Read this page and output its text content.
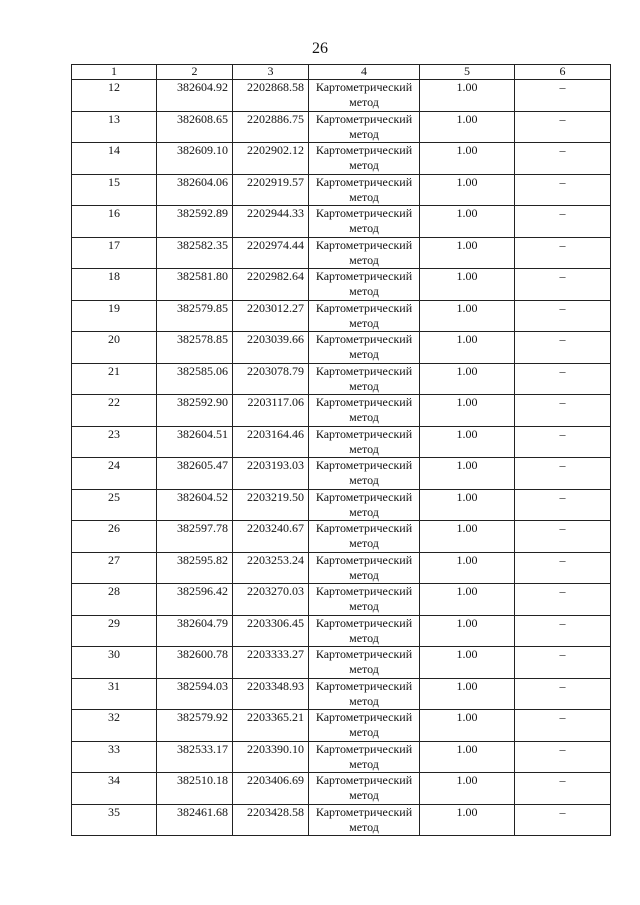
26
1	2	3	4	5	6
12	382604.92	2202868.58	Картометрический метод	1.00	–
13	382608.65	2202886.75	Картометрический метод	1.00	–
14	382609.10	2202902.12	Картометрический метод	1.00	–
15	382604.06	2202919.57	Картометрический метод	1.00	–
16	382592.89	2202944.33	Картометрический метод	1.00	–
17	382582.35	2202974.44	Картометрический метод	1.00	–
18	382581.80	2202982.64	Картометрический метод	1.00	–
19	382579.85	2203012.27	Картометрический метод	1.00	–
20	382578.85	2203039.66	Картометрический метод	1.00	–
21	382585.06	2203078.79	Картометрический метод	1.00	–
22	382592.90	2203117.06	Картометрический метод	1.00	–
23	382604.51	2203164.46	Картометрический метод	1.00	–
24	382605.47	2203193.03	Картометрический метод	1.00	–
25	382604.52	2203219.50	Картометрический метод	1.00	–
26	382597.78	2203240.67	Картометрический метод	1.00	–
27	382595.82	2203253.24	Картометрический метод	1.00	–
28	382596.42	2203270.03	Картометрический метод	1.00	–
29	382604.79	2203306.45	Картометрический метод	1.00	–
30	382600.78	2203333.27	Картометрический метод	1.00	–
31	382594.03	2203348.93	Картометрический метод	1.00	–
32	382579.92	2203365.21	Картометрический метод	1.00	–
33	382533.17	2203390.10	Картометрический метод	1.00	–
34	382510.18	2203406.69	Картометрический метод	1.00	–
35	382461.68	2203428.58	Картометрический метод	1.00	–
